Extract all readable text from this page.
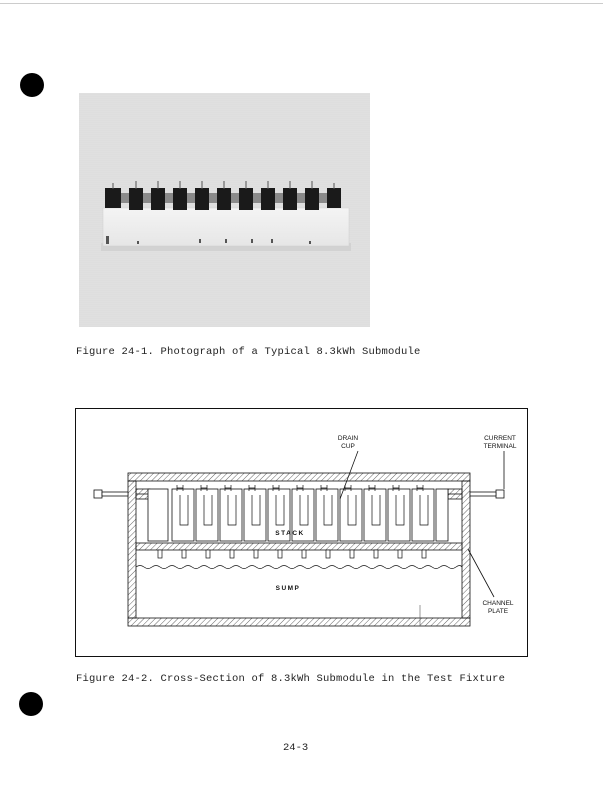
Figure 24-1. Photograph of a Typical 8.3kWh Submodule
DRAIN
CUP
CURRENT
TERMINAL
STACK
SUMP
CHANNEL
PLATE
Figure 24-2. Cross-Section of 8.3kWh Submodule in the Test Fixture
24-3
